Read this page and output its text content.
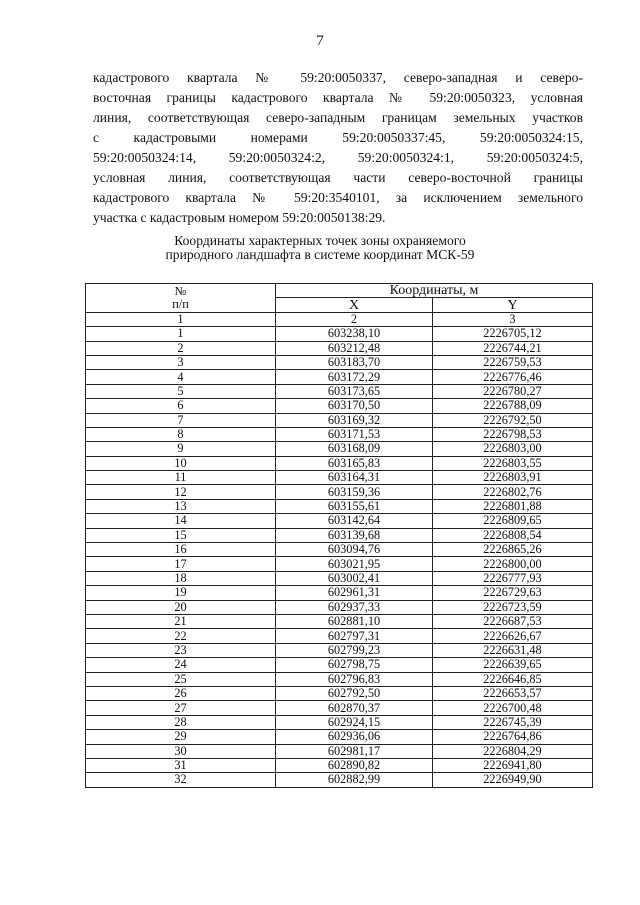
7
кадастрового квартала № 59:20:0050337, северо-западная и северо-
восточная границы кадастрового квартала № 59:20:0050323, условная
линия, соответствующая северо-западным границам земельных участков
с кадастровыми номерами 59:20:0050337:45, 59:20:0050324:15,
59:20:0050324:14, 59:20:0050324:2, 59:20:0050324:1, 59:20:0050324:5,
условная линия, соответствующая части северо-восточной границы
кадастрового квартала № 59:20:3540101, за исключением земельного
участка с кадастровым номером 59:20:0050138:29.
Координаты характерных точек зоны охраняемого
природного ландшафта в системе координат МСК-59
№
п/п	Координаты, м	
	X	Y
1	2	3
1	603238,10	2226705,12
2	603212,48	2226744,21
3	603183,70	2226759,53
4	603172,29	2226776,46
5	603173,65	2226780,27
6	603170,50	2226788,09
7	603169,32	2226792,50
8	603171,53	2226798,53
9	603168,09	2226803,00
10	603165,83	2226803,55
11	603164,31	2226803,91
12	603159,36	2226802,76
13	603155,61	2226801,88
14	603142,64	2226809,65
15	603139,68	2226808,54
16	603094,76	2226865,26
17	603021,95	2226800,00
18	603002,41	2226777,93
19	602961,31	2226729,63
20	602937,33	2226723,59
21	602881,10	2226687,53
22	602797,31	2226626,67
23	602799,23	2226631,48
24	602798,75	2226639,65
25	602796,83	2226646,85
26	602792,50	2226653,57
27	602870,37	2226700,48
28	602924,15	2226745,39
29	602936,06	2226764,86
30	602981,17	2226804,29
31	602890,82	2226941,80
32	602882,99	2226949,90
